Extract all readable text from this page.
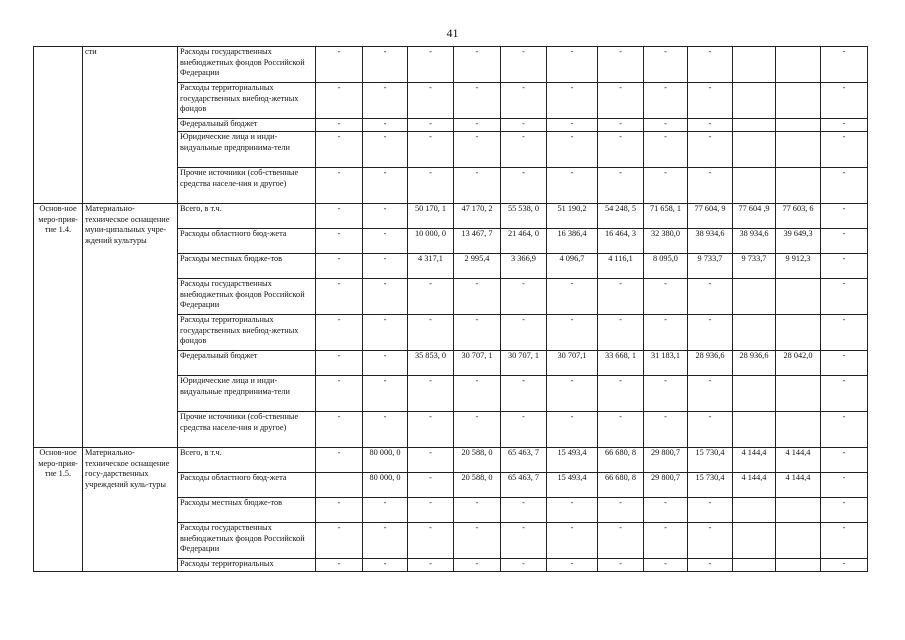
41
	сти	Расходы государственных внебюджетных фондов Российской Федерации	-	-	-	-	-	-	-	-	-			-
		Расходы территориальных государственных внебюд-жетных фондов	-	-	-	-	-	-	-	-	-			-
		Федеральный бюджет	-	-	-	-	-	-	-	-	-			-
		Юридические лица и инди-видуальные предпринима-тели	-	-	-	-	-	-	-	-	-			-
		Прочие источники (соб-ственные средства населе-ния и другое)	-	-	-	-	-	-	-	-	-			-
Основ-ное меро-прия-тие 1.4.	Материально-техническое оснащение муни-ципальных учре-ждений культуры	Всего, в т.ч.	-	-	50 170, 1	47 170, 2	55 538, 0	51 190,2	54 248, 5	71 658, 1	77 604, 9	77 604 ,9	77 603, 6	-
		Расходы областного бюд-жета	-	-	10 000, 0	13 467, 7	21 464, 0	16 386,4	16 464, 3	32 380,0	38 934,6	38 934,6	39 649,3	-
		Расходы местных бюдже-тов	-	-	4 317,1	2 995,4	3 366,9	4 096,7	4 116,1	8 095,0	9 733,7	9 733,7	9 912,3	-
		Расходы государственных внебюджетных фондов Российской Федерации	-	-	-	-	-	-	-	-	-			-
		Расходы территориальных государственных внебюд-жетных фондов	-	-	-	-	-	-	-	-	-			-
		Федеральный бюджет	-	-	35 853, 0	30 707, 1	30 707, 1	30 707,1	33 668, 1	31 183,1	28 936,6	28 936,6	28 042,0	-
		Юридические лица и инди-видуальные предпринима-тели	-	-	-	-	-	-	-	-	-			-
		Прочие источники (соб-ственные средства населе-ния и другое)	-	-	-	-	-	-	-	-	-			-
Основ-ное меро-прия-тие 1.5.	Материально-техническое оснащение госу-дарственных учреждений куль-туры	Всего, в т.ч.	-	80 000, 0	-	20 588, 0	65 463, 7	15 493,4	66 680, 8	29 800,7	15 730,4	4 144,4	4 144,4	-
		Расходы областного бюд-жета		80 000, 0	-	20 588, 0	65 463, 7	15 493,4	66 680, 8	29 800,7	15 730,4	4 144,4	4 144,4	-
		Расходы местных бюдже-тов	-	-	-	-	-	-	-	-	-			-
		Расходы государственных внебюджетных фондов Российской Федерации	-	-	-	-	-	-	-	-	-			-
		Расходы территориальных	-	-	-	-	-	-	-	-	-			-
